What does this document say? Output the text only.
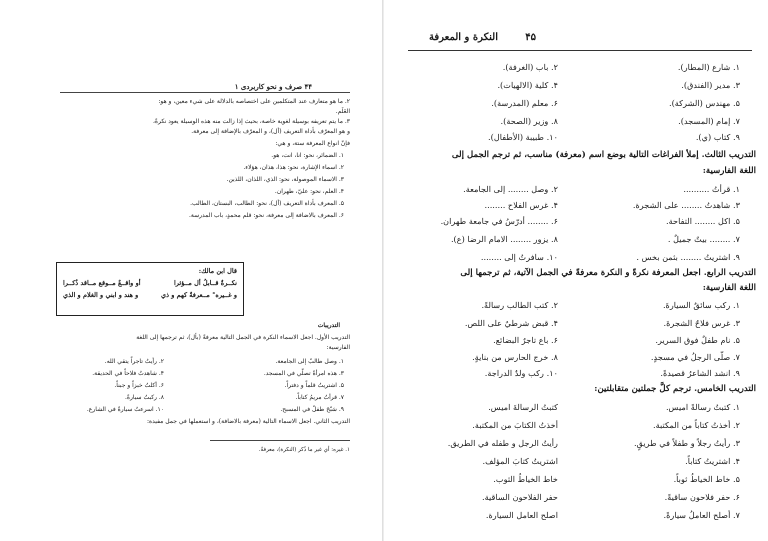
۴۴ صرف و نحو کاربردی ۱
۲. ما هو متعارف عند المتكلمين على اختصاصه بالدلالة على شيء معين، و هو:
العَلَم.
۳. ما يتم تعريفه بوسيلة لغوية خاصة، بحيث إذا زالت منه هذه الوسيلة يعود نكرةً،
و هو المعرّف بأداة التعريف (أل)، و المعرّف بالإضافة إلى معرفة.
فإنّ انواع المعرفة ستة، و هي:
۱. الضمائر، نحو: انا، انت، هو.
۲. اسماء الإشارة، نحو: هذا، هذان، هؤلاء.
۳. الاسماء الموصولة، نحو: الذي، اللذان، اللذين.
۴. العلم، نحو: عليّ، طهران.
۵. المعرف بأداة التعريف (أل)، نحو: الطالب، البستان، الطالب.
۶. المعرف بالاضافة إلى معرفة، نحو: قلم محمدٍ، باب المدرسة.
قال ابن مالك:
نكــرةٌ قــابلُ أل مــؤثرا
أو واقــعٌ مــوقع مــاقد ذُكــرا
و غــيره° مــعرفةٌ كهم و ذي
و هند و ابني و الغلام و الذي
التدريبات
التدريب الأول. اجعل الاسماء النكرة في الجمل التالية معرفةً (بأل)، ثم ترجمها إلى اللغة
الفارسية:
۱. وصل طالبٌ إلى الجامعة.
۲. رأيتُ تاجراً يتقي الله.
۳. هذه امرأةٌ تصلّي في المسجد.
۴. شاهدتُ فلاحاً في الحديقة.
۵. اشتريتُ قلماً و دفتراً.
۶. أكلتُ خبزاً و جبناً.
۷. قرأتُ مريمُ كتاباً.
۸. ركبتُ سيارةً.
۹. سَبّحَ طفلٌ في المسبح.
۱۰. اسرعتُ سيارةٌ في الشارع.
التدريب الثاني. اجعل الاسماء التالية (معرفة بالاضافة)، و استعملها في جمل مفيدة:
۱. غيره: أي غير ما ذُكر (النكرة)، معرفةٌ.
النكرة و المعرفة	۴۵
۱. شارع (المطار).
۲. باب (الغرفة).
۳. مدير (الفندق).
۴. كلية (الالهيات).
۵. مهندس (الشركة).
۶. معلم (المدرسة).
۷. إمام (المسجد).
۸. وزير (الصحة).
۹. كتاب (ي).
۱۰. طبيبة (الأطفال).
التدريب الثالث. إملأ الفراغات التالية بوضع اسم (معرفة) مناسب، ثم ترجم الجمل إلى
اللغة الفارسية:
۱. قرأتُ ..........
۲. وصل ........ إلى الجامعة.
۳. شاهدتُ ........ على الشجرة.
۴. غرس الفلاح ........
۵. اكل ........ التفاحة.
۶. ........ أدرّسُ في جامعة طهران.
۷. ........ بيتٌ جميلٌ .
۸. يزور ........ الامام الرضا (ع).
۹. اشتريتُ ........ بثمن بخس .
۱۰. سافرتُ إلى ........
التدريب الرابع. اجعل المعرفة نكرةً و النكرة معرفةً في الجمل الآتية، ثم ترجمها إلى
اللغة الفارسية:
۱. ركب سائقٌ السيارةَ.
۲. كتب الطالب رسالةً.
۳. غرس فلاحٌ الشجرةَ.
۴. قبض شرطيٌ على اللص.
۵. نام طفلٌ فوق السرير.
۶. باع تاجرٌ البضائع.
۷. صلّى الرجلُ في مسجدٍ.
۸. خرج الحارس من بنايةٍ.
۹. انشد الشاعرُ قصيدةً.
۱۰. ركب ولدٌ الدراجة.
التدريب الخامس. ترجم كلَّ جملتين متقابلتين:
۱. كتبتُ رسالةً اميس.
كتبتُ الرسالةَ اميس.
۲. أخذتُ كتاباً من المكتبة.
أخذتُ الكتابَ من المكتبة.
۳. رأيتُ رجلاً و طفلاً في طريقٍ.
رأيتُ الرجل و طفله في الطريق.
۴. اشتريتُ كتاباً.
اشتريتُ كتابَ المؤلف.
۵. خاط الخياطُ ثوباً.
خاط الخياطُ الثوب.
۶. حفر فلاحون ساقيةً.
حفر الفلاحون الساقية.
۷. أصلح العاملُ سيارةً.
اصلح العامل السيارة.
